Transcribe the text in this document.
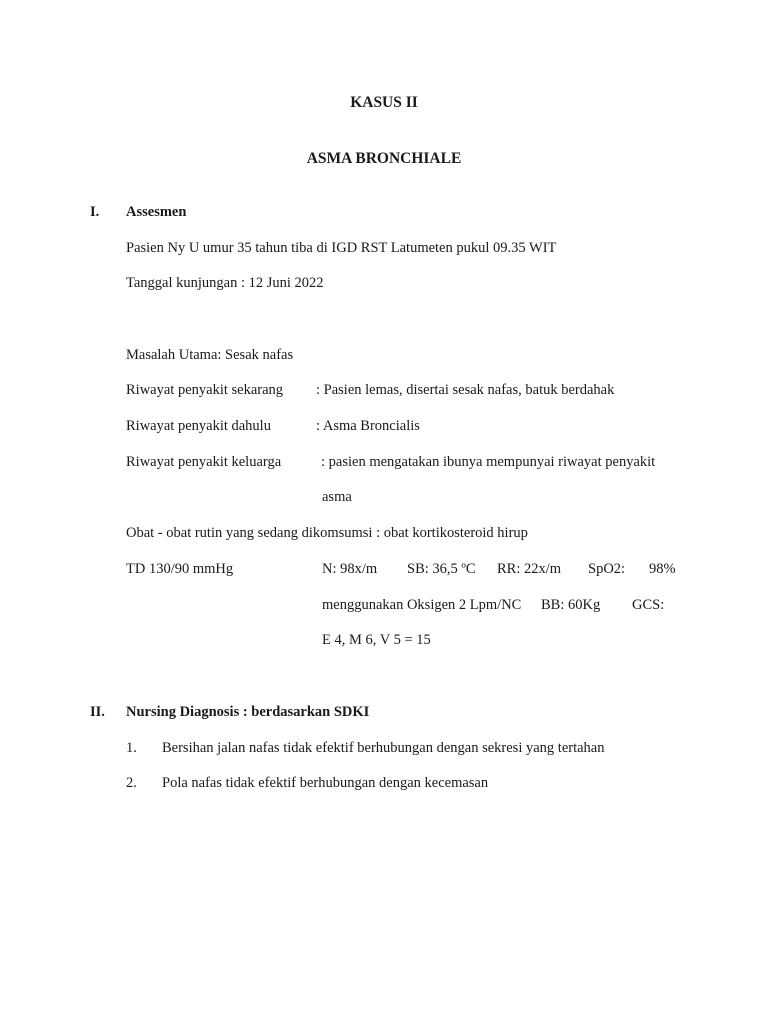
KASUS II
ASMA BRONCHIALE
I. Assesmen
Pasien Ny U umur 35 tahun tiba di IGD RST Latumeten pukul 09.35 WIT
Tanggal kunjungan : 12 Juni 2022
Masalah Utama: Sesak nafas
Riwayat penyakit sekarang : Pasien lemas, disertai sesak nafas, batuk berdahak
Riwayat penyakit dahulu	: Asma Broncialis
Riwayat penyakit keluarga	: pasien mengatakan ibunya mempunyai riwayat penyakit
asma
Obat - obat rutin yang sedang dikomsumsi : obat kortikosteroid hirup
TD 130/90 mmHg	N: 98x/m SB: 36,5 ºC RR: 22x/m SpO2: 98%
menggunakan Oksigen 2 Lpm/NC BB: 60Kg GCS:
E 4, M 6, V 5 = 15
II. Nursing Diagnosis : berdasarkan SDKI
1. Bersihan jalan nafas tidak efektif berhubungan dengan sekresi yang tertahan
2. Pola nafas tidak efektif berhubungan dengan kecemasan
